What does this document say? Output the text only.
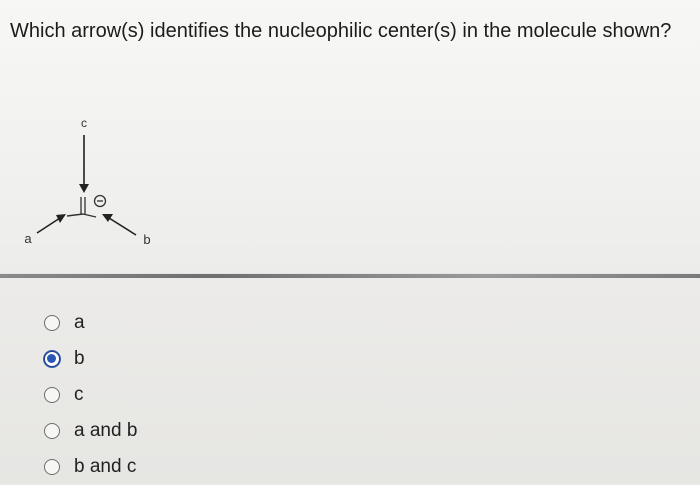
Which arrow(s) identifies the nucleophilic center(s) in the molecule shown?
c
a	b
a
b
c
a and b
b and c
